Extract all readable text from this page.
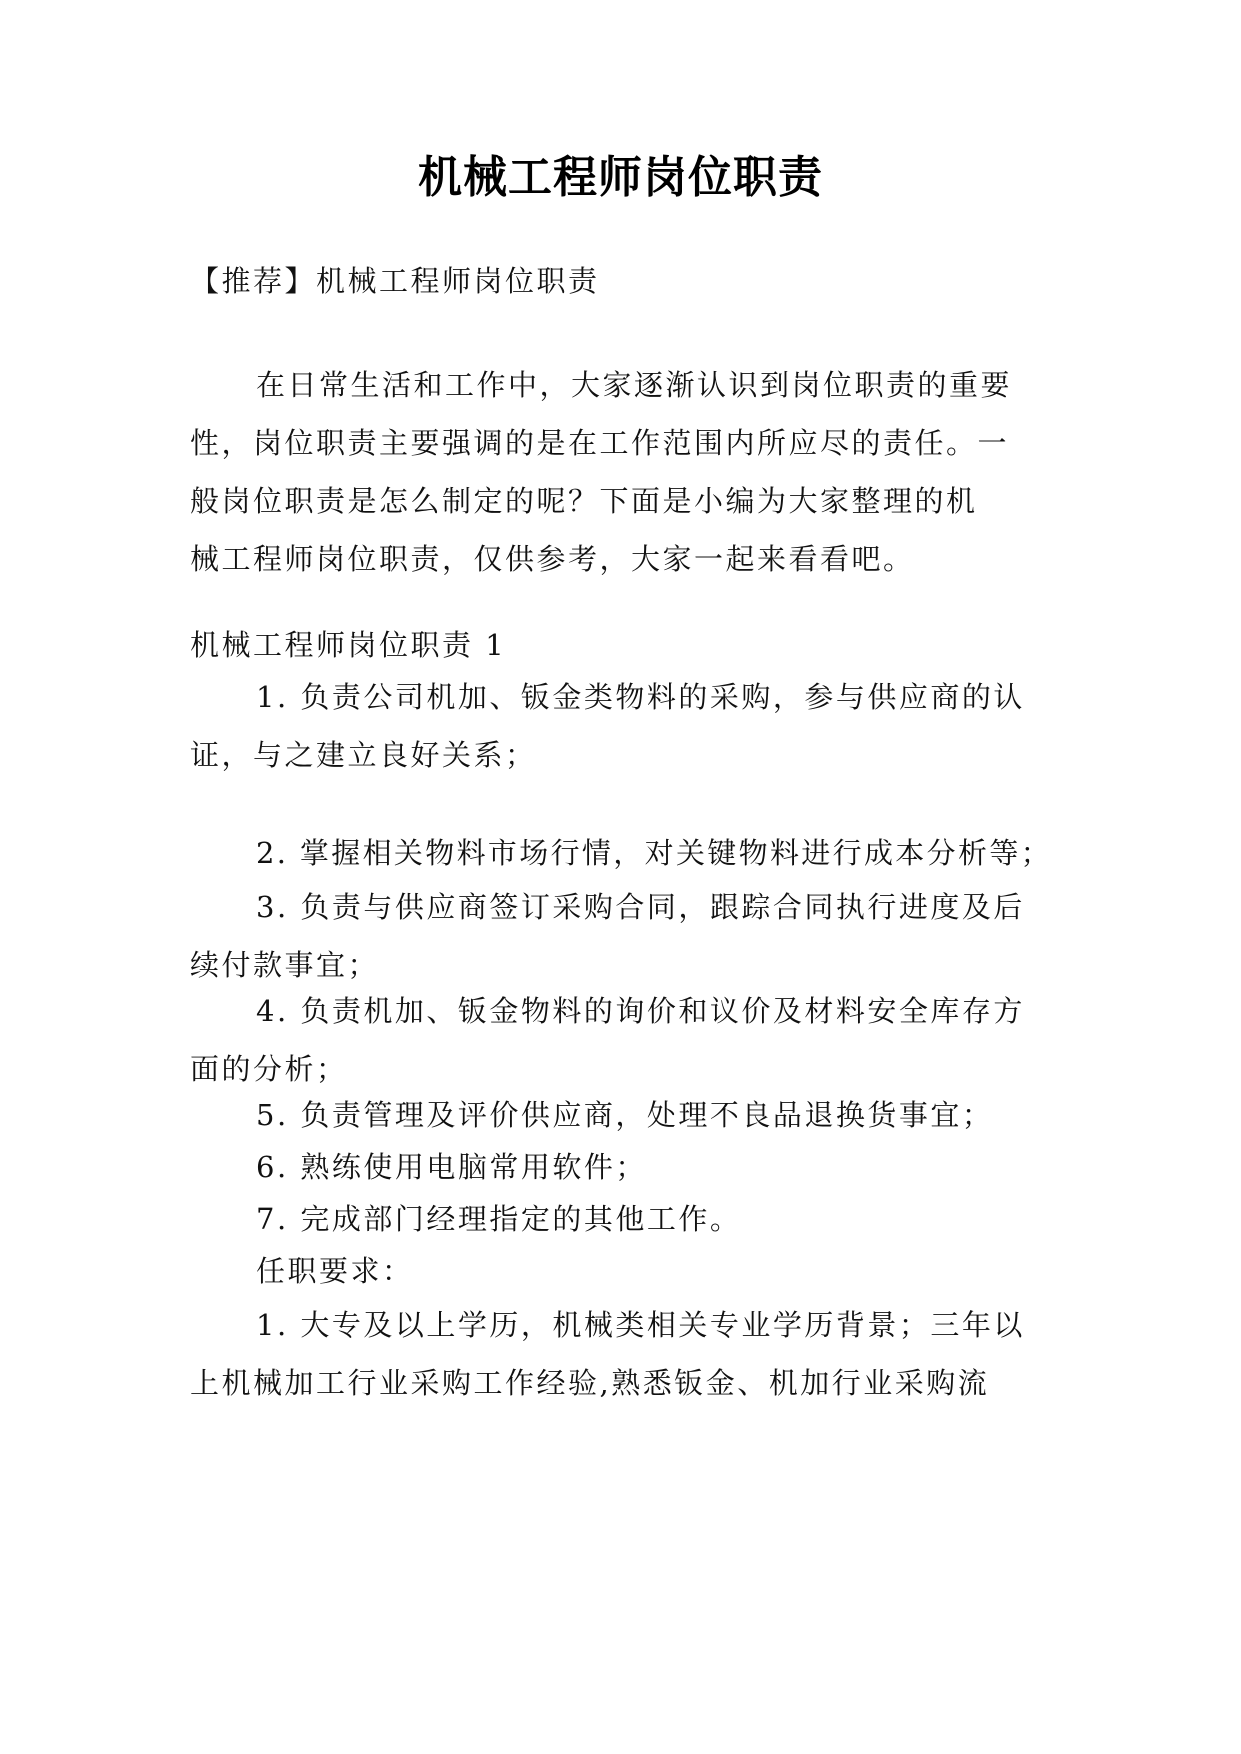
机械工程师岗位职责
【推荐】机械工程师岗位职责
在日常生活和工作中，大家逐渐认识到岗位职责的重要
性，岗位职责主要强调的是在工作范围内所应尽的责任。一
般岗位职责是怎么制定的呢？下面是小编为大家整理的机
械工程师岗位职责，仅供参考，大家一起来看看吧。
机械工程师岗位职责 1
1. 负责公司机加、钣金类物料的采购，参与供应商的认
证，与之建立良好关系；
2. 掌握相关物料市场行情，对关键物料进行成本分析等；
3. 负责与供应商签订采购合同，跟踪合同执行进度及后
续付款事宜；
4. 负责机加、钣金物料的询价和议价及材料安全库存方
面的分析；
5. 负责管理及评价供应商，处理不良品退换货事宜；
6. 熟练使用电脑常用软件；
7. 完成部门经理指定的其他工作。
任职要求：
1. 大专及以上学历，机械类相关专业学历背景；三年以
上机械加工行业采购工作经验,熟悉钣金、机加行业采购流
